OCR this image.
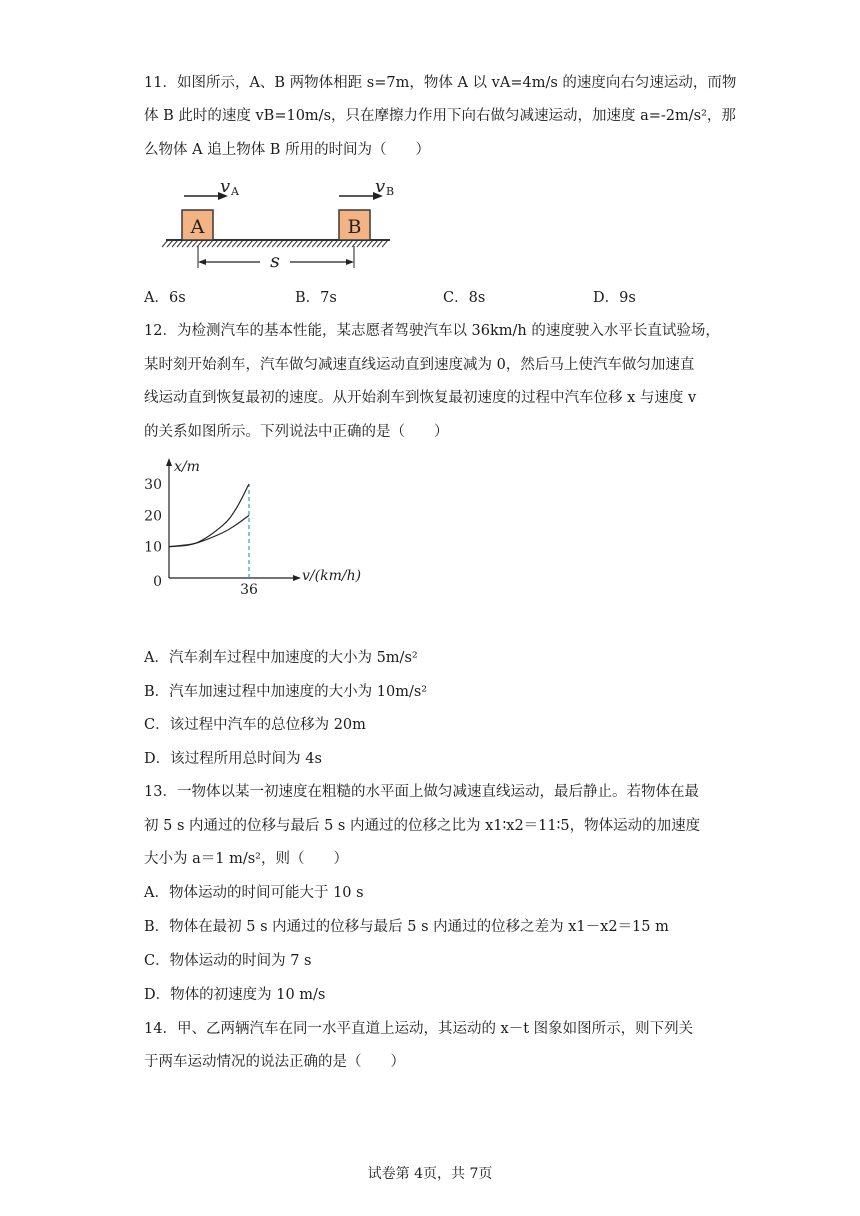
11．如图所示，A、B 两物体相距 s=7m，物体 A 以 vA=4m/s 的速度向右匀速运动，而物
体 B 此时的速度 vB=10m/s，只在摩擦力作用下向右做匀减速运动，加速度 a=-2m/s²，那
么物体 A 追上物体 B 所用的时间为（　　）
A	B
v A	v B
s
A．6s	B．7s	C．8s	D．9s
12．为检测汽车的基本性能，某志愿者驾驶汽车以 36km/h 的速度驶入水平长直试验场，
某时刻开始刹车，汽车做匀减速直线运动直到速度减为 0，然后马上使汽车做匀加速直
线运动直到恢复最初的速度。从开始刹车到恢复最初速度的过程中汽车位移 x 与速度 v
的关系如图所示。下列说法中正确的是（　　）
x/m
v/(km/h)
30
20
10
0	36
A．汽车刹车过程中加速度的大小为 5m/s²
B．汽车加速过程中加速度的大小为 10m/s²
C．该过程中汽车的总位移为 20m
D．该过程所用总时间为 4s
13．一物体以某一初速度在粗糙的水平面上做匀减速直线运动，最后静止。若物体在最
初 5 s 内通过的位移与最后 5 s 内通过的位移之比为 x1∶x2＝11∶5，物体运动的加速度
大小为 a＝1 m/s²，则（　　）
A．物体运动的时间可能大于 10 s
B．物体在最初 5 s 内通过的位移与最后 5 s 内通过的位移之差为 x1－x2＝15 m
C．物体运动的时间为 7 s
D．物体的初速度为 10 m/s
14．甲、乙两辆汽车在同一水平直道上运动，其运动的 x－t 图象如图所示，则下列关
于两车运动情况的说法正确的是（　　）
试卷第 4页，共 7页
